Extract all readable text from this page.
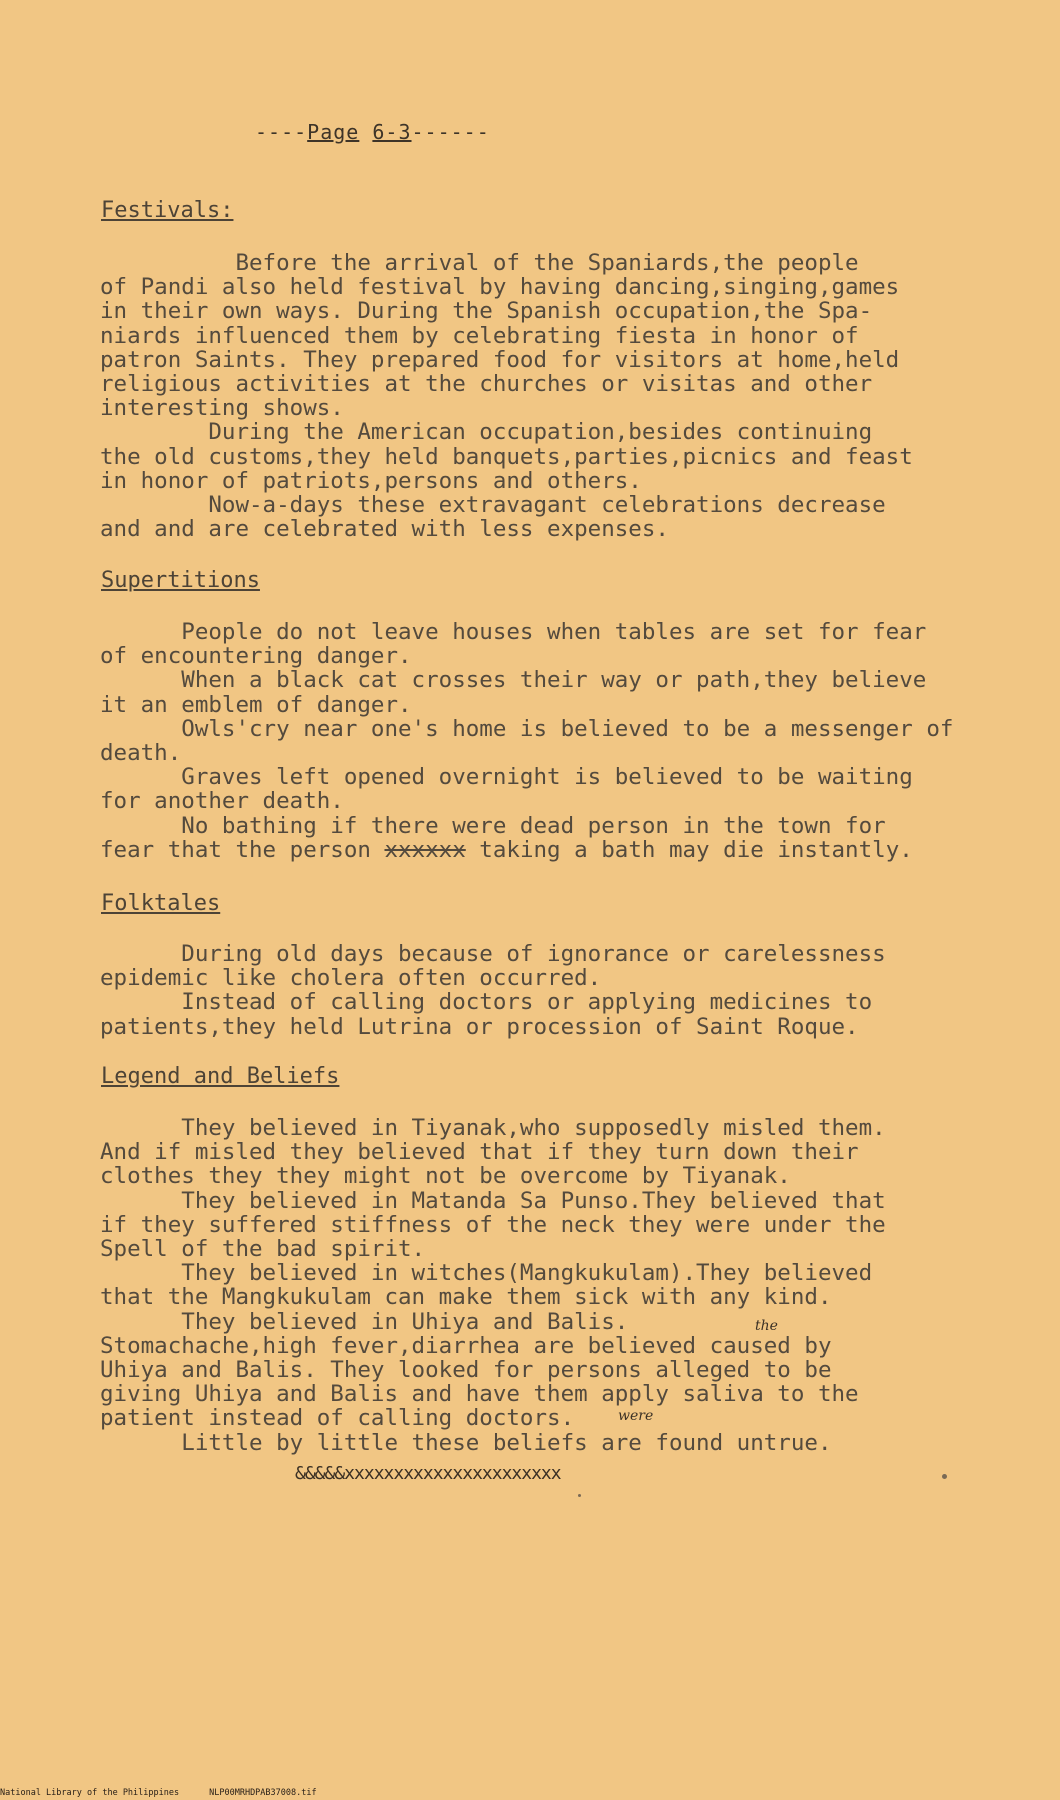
----Page 6-3------
Festivals:
Before the arrival of the Spaniards,the people
of Pandi also held festival by having dancing,singing,games
in their own ways. During the Spanish occupation,the Spa-
niards influenced them by celebrating fiesta in honor of
patron Saints. They prepared food for visitors at home,held
religious activities at the churches or visitas and other
interesting shows.
During the American occupation,besides continuing
the old customs,they held banquets,parties,picnics and feast
in honor of patriots,persons and others.
Now-a-days these extravagant celebrations decrease
and and are celebrated with less expenses.
Supertitions
People do not leave houses when tables are set for fear
of encountering danger.
When a black cat crosses their way or path,they believe
it an emblem of danger.
Owls'cry near one's home is believed to be a messenger of
death.
Graves left opened overnight is believed to be waiting
for another death.
No bathing if there were dead person in the town for
fear that the person xxxxxx taking a bath may die instantly.
Folktales
During old days because of ignorance or carelessness
epidemic like cholera often occurred.
Instead of calling doctors or applying medicines to
patients,they held Lutrina or procession of Saint Roque.
Legend and Beliefs
They believed in Tiyanak,who supposedly misled them.
And if misled they believed that if they turn down their
clothes they they might not be overcome by Tiyanak.
They believed in Matanda Sa Punso.They believed that
if they suffered stiffness of the neck they were under the
Spell of the bad spirit.
They believed in witches(Mangkukulam).They believed
that the Mangkukulam can make them sick with any kind.
They believed in Uhiya and Balis.
Stomachache,high fever,diarrhea are believed caused by
Uhiya and Balis. They looked for persons alleged to be
giving Uhiya and Balis and have them apply saliva to the
patient instead of calling doctors.
Little by little these beliefs are found untrue.
&&&&&xxxxxxxxxxxxxxxxxxxxxx
the
were
National Library of the Philippines	NLP00MRHDPAB37008.tif
